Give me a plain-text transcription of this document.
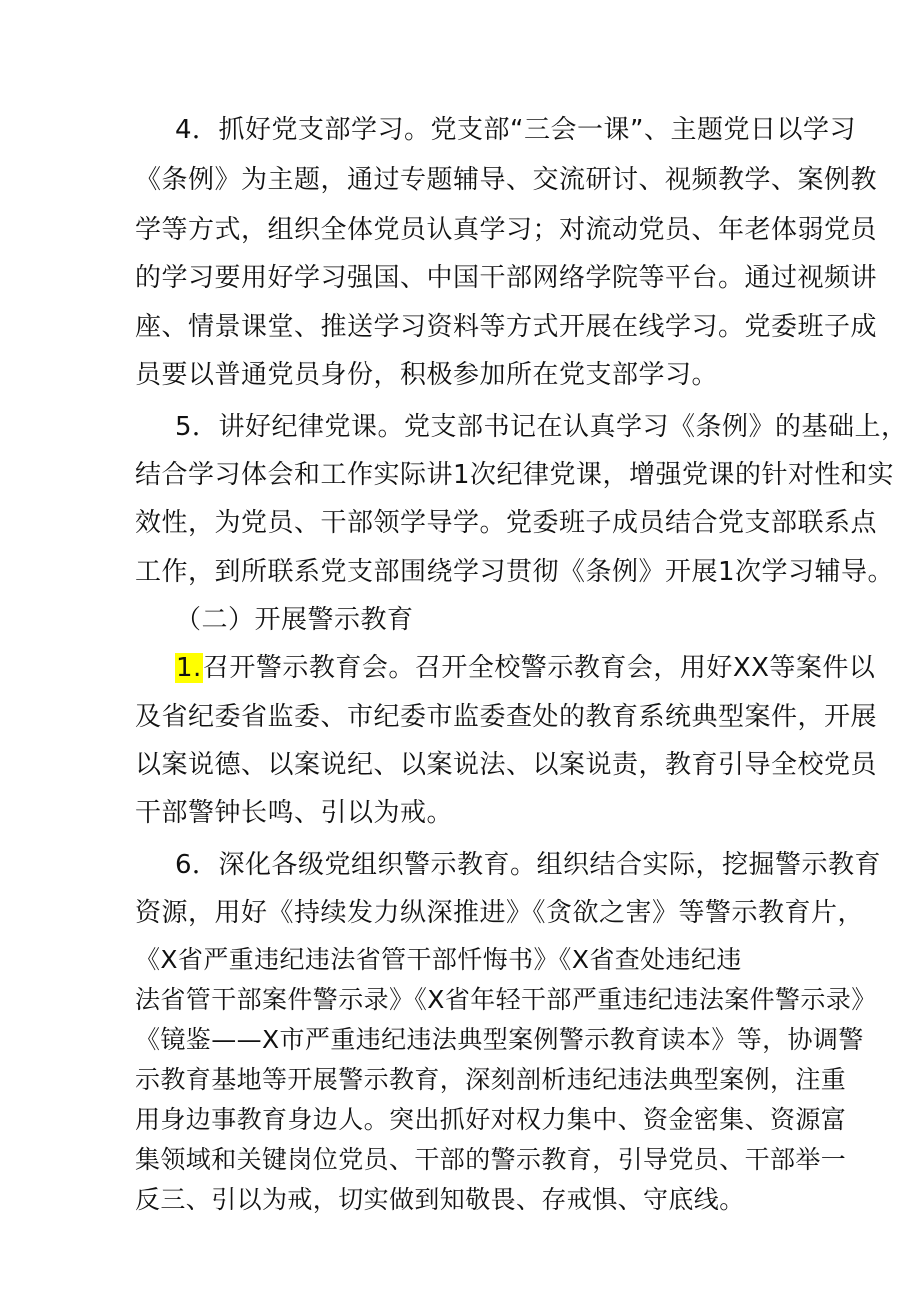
4．抓好党支部学习。党支部“三会一课”、主题党日以学习
《条例》为主题，通过专题辅导、交流研讨、视频教学、案例教
学等方式，组织全体党员认真学习；对流动党员、年老体弱党员
的学习要用好学习强国、中国干部网络学院等平台。通过视频讲
座、情景课堂、推送学习资料等方式开展在线学习。党委班子成
员要以普通党员身份，积极参加所在党支部学习。
5．讲好纪律党课。党支部书记在认真学习《条例》的基础上，
结合学习体会和工作实际讲1次纪律党课，增强党课的针对性和实
效性，为党员、干部领学导学。党委班子成员结合党支部联系点
工作，到所联系党支部围绕学习贯彻《条例》开展1次学习辅导。
（二）开展警示教育
1.召开警示教育会。召开全校警示教育会，用好XX等案件以
及省纪委省监委、市纪委市监委查处的教育系统典型案件，开展
以案说德、以案说纪、以案说法、以案说责，教育引导全校党员
干部警钟长鸣、引以为戒。
6．深化各级党组织警示教育。组织结合实际，挖掘警示教育
资源，用好《持续发力纵深推进》《贪欲之害》等警示教育片，
《X省严重违纪违法省管干部忏悔书》《X省查处违纪违
法省管干部案件警示录》《X省年轻干部严重违纪违法案件警示录》
《镜鉴——X市严重违纪违法典型案例警示教育读本》等，协调警
示教育基地等开展警示教育，深刻剖析违纪违法典型案例，注重
用身边事教育身边人。突出抓好对权力集中、资金密集、资源富
集领域和关键岗位党员、干部的警示教育，引导党员、干部举一
反三、引以为戒，切实做到知敬畏、存戒惧、守底线。
